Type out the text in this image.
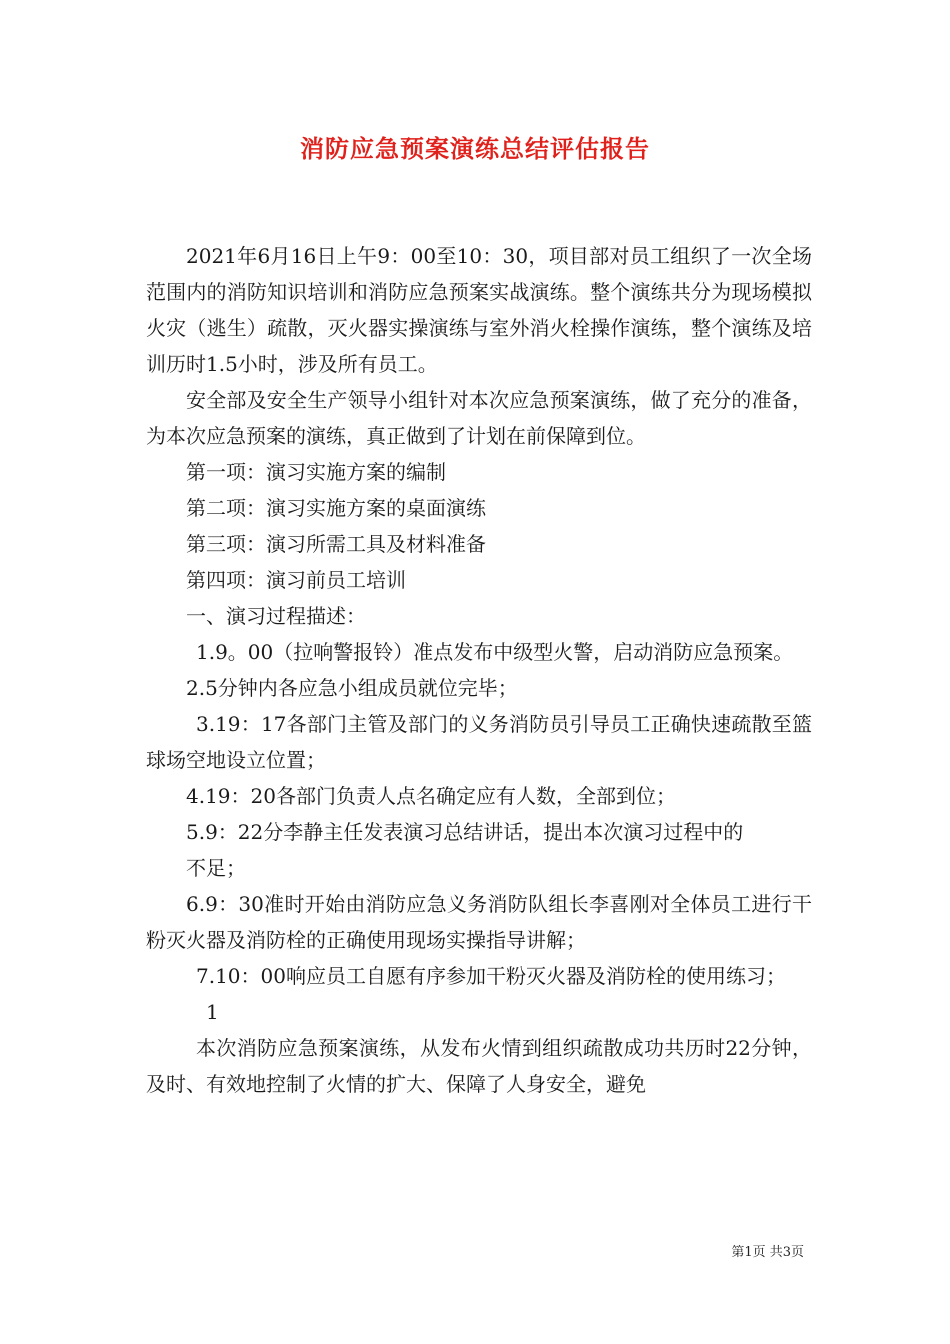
消防应急预案演练总结评估报告

2021年6月16日上午9：00至10：30，项目部对员工组织了一次全场范围内的消防知识培训和消防应急预案实战演练。整个演练共分为现场模拟火灾（逃生）疏散，灭火器实操演练与室外消火栓操作演练，整个演练及培训历时1.5小时，涉及所有员工。

安全部及安全生产领导小组针对本次应急预案演练，做了充分的准备，为本次应急预案的演练，真正做到了计划在前保障到位。

第一项：演习实施方案的编制

第二项：演习实施方案的桌面演练

第三项：演习所需工具及材料准备

第四项：演习前员工培训

一、演习过程描述：

1.9。00（拉响警报铃）准点发布中级型火警，启动消防应急预案。

2.5分钟内各应急小组成员就位完毕；

3.19：17各部门主管及部门的义务消防员引导员工正确快速疏散至篮球场空地设立位置；

4.19：20各部门负责人点名确定应有人数，全部到位；

5.9：22分李静主任发表演习总结讲话，提出本次演习过程中的

不足；

6.9：30准时开始由消防应急义务消防队组长李喜刚对全体员工进行干粉灭火器及消防栓的正确使用现场实操指导讲解；

7.10：00响应员工自愿有序参加干粉灭火器及消防栓的使用练习；

1

本次消防应急预案演练，从发布火情到组织疏散成功共历时22分钟，及时、有效地控制了火情的扩大、保障了人身安全，避免

第1页 共3页
